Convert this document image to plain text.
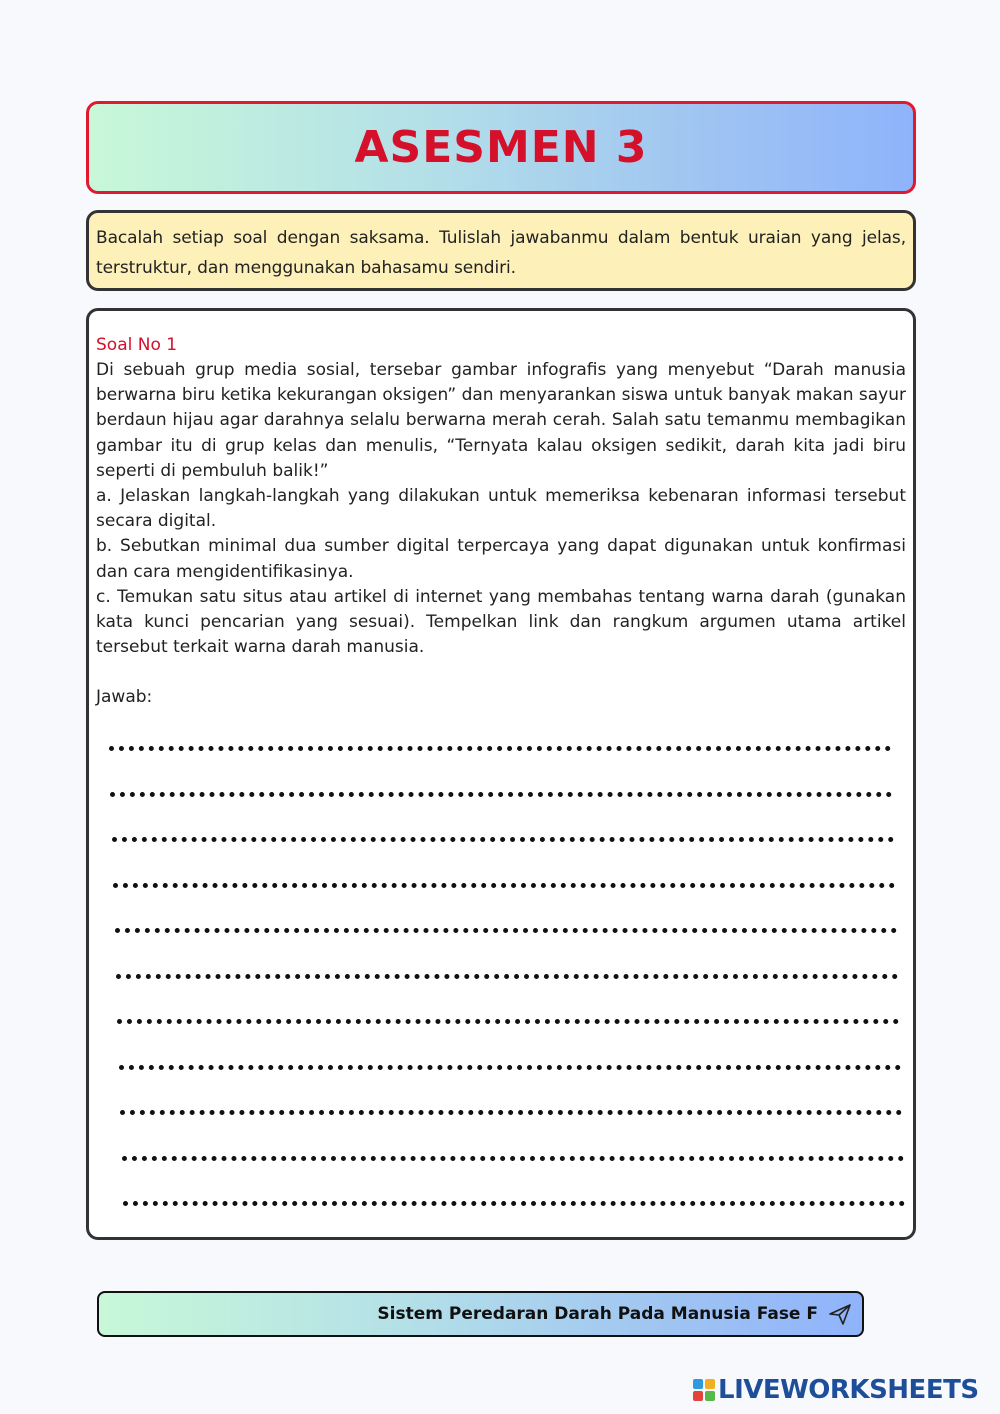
ASESMEN 3

Bacalah setiap soal dengan saksama. Tulislah jawabanmu dalam bentuk uraian yang jelas, terstruktur, dan menggunakan bahasamu sendiri.

Soal No 1

Di sebuah grup media sosial, tersebar gambar infografis yang menyebut “Darah manusia berwarna biru ketika kekurangan oksigen” dan menyarankan siswa untuk banyak makan sayur berdaun hijau agar darahnya selalu berwarna merah cerah. Salah satu temanmu membagikan gambar itu di grup kelas dan menulis, “Ternyata kalau oksigen sedikit, darah kita jadi biru seperti di pembuluh balik!”

a. Jelaskan langkah-langkah yang dilakukan untuk memeriksa kebenaran informasi tersebut secara digital.

b. Sebutkan minimal dua sumber digital terpercaya yang dapat digunakan untuk konfirmasi dan cara mengidentifikasinya.

c. Temukan satu situs atau artikel di internet yang membahas tentang warna darah (gunakan kata kunci pencarian yang sesuai). Tempelkan link dan rangkum argumen utama artikel tersebut terkait warna darah manusia.

Jawab:
Sistem Peredaran Darah Pada Manusia Fase F
LIVEWORKSHEETS
